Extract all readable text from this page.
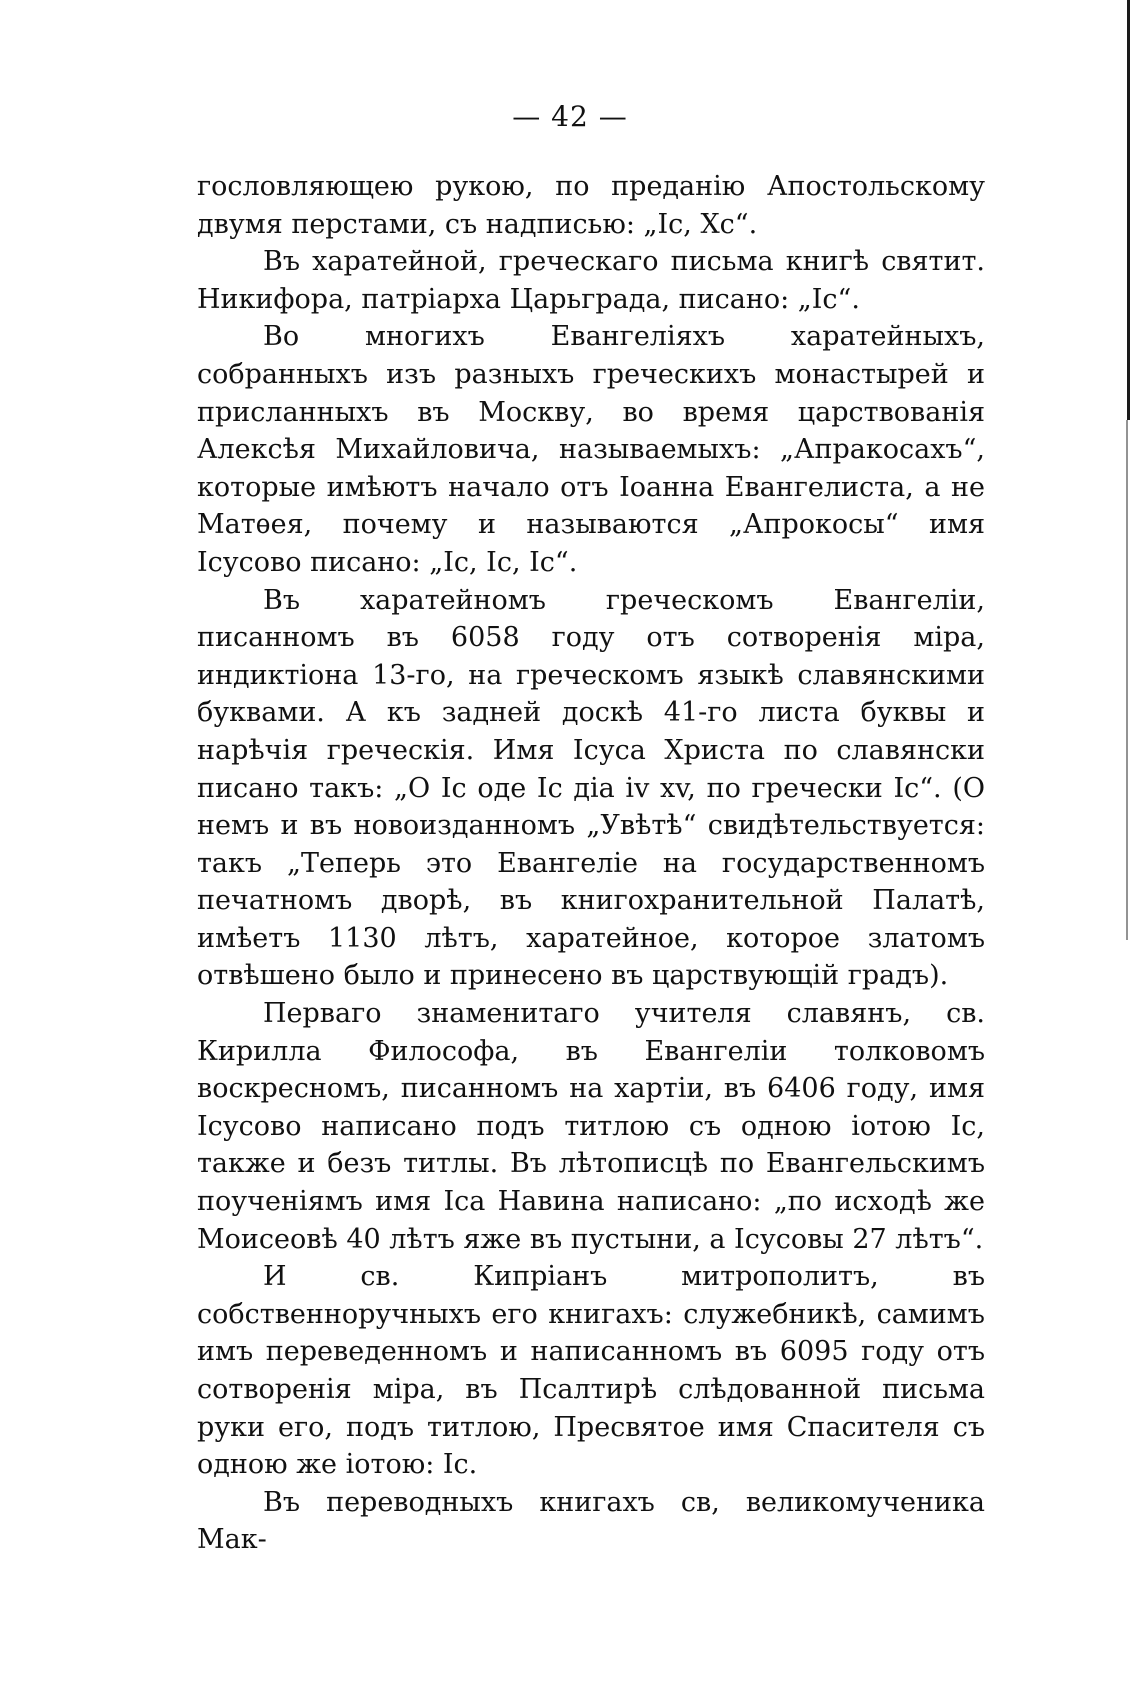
— 42 —

гословляющею рукою, по преданію Апостольскому двумя перстами, съ надписью: „Іс, Хс“.

Въ харатейной, греческаго письма книгѣ святит. Никифора, патріарха Царьграда, писано: „Іс“.

Во многихъ Евангеліяхъ харатейныхъ, собранныхъ изъ разныхъ греческихъ монастырей и присланныхъ въ Москву, во время царствованія Алексѣя Михайловича, называемыхъ: „Апракосахъ“, которые имѣютъ начало отъ Іоанна Евангелиста, а не Матѳея, почему и называются „Апрокосы“ имя Ісусово писано: „Іс, Іс, Іс“.

Въ харатейномъ греческомъ Евангеліи, писанномъ въ 6058 году отъ сотворенія міра, индиктіона 13-го, на греческомъ языкѣ славянскими буквами. А къ задней доскѣ 41-го листа буквы и нарѣчія греческія. Имя Ісуса Христа по славянски писано такъ: „О Іс оде Іс дiа iv хv, по гречески Іс“. (О немъ и въ новоизданномъ „Увѣтѣ“ свидѣтельствуется: такъ „Теперь это Евангеліе на государственномъ печатномъ дворѣ, въ книгохранительной Палатѣ, имѣетъ 1130 лѣтъ, харатейное, которое златомъ отвѣшено было и принесено въ царствующій градъ).

Перваго знаменитаго учителя славянъ, св. Кирилла Философа, въ Евангеліи толковомъ воскресномъ, писанномъ на хартіи, въ 6406 году, имя Ісусово написано подъ титлою съ одною іотою Іс, также и безъ титлы. Въ лѣтописцѣ по Евангельскимъ поученіямъ имя Іса Навина написано: „по исходѣ же Моисеовѣ 40 лѣтъ яже въ пустыни, а Ісусовы 27 лѣтъ“.

И св. Кипріанъ митрополитъ, въ собственноручныхъ его книгахъ: служебникѣ, самимъ имъ переведенномъ и написанномъ въ 6095 году отъ сотворенія міра, въ Псалтирѣ слѣдованной письма руки его, подъ титлою, Пресвятое имя Спасителя съ одною же іотою: Іс.

Въ переводныхъ книгахъ св, великомученика Мак-
